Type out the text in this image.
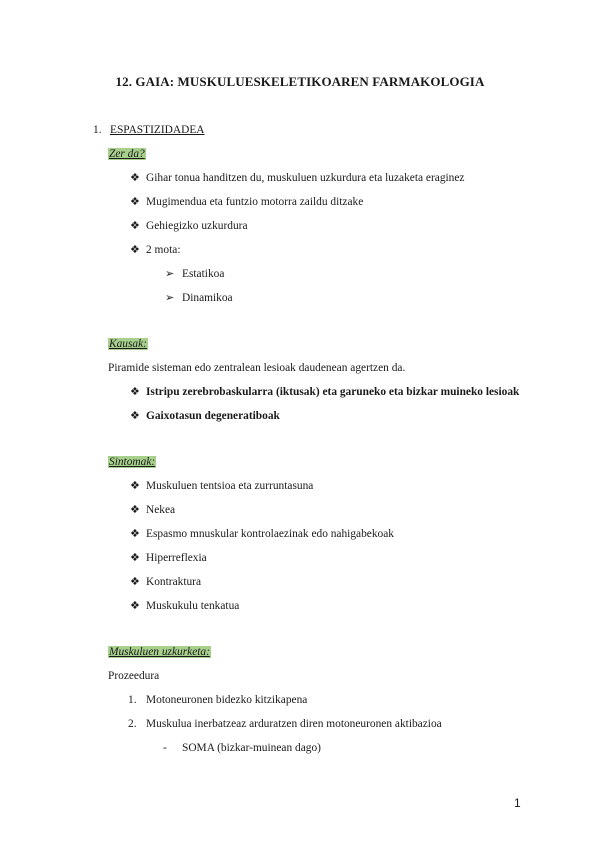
12. GAIA: MUSKULUESKELETIKOAREN FARMAKOLOGIA
1. ESPASTIZIDADEA
Zer da?
❖ Gihar tonua handitzen du, muskuluen uzkurdura eta luzaketa eraginez
❖ Mugimendua eta funtzio motorra zaildu ditzake
❖ Gehiegizko uzkurdura
❖ 2 mota:
➢ Estatikoa
➢ Dinamikoa
Kausak:
Piramide sisteman edo zentralean lesioak daudenean agertzen da.
❖ Istripu zerebrobaskularra (iktusak) eta garuneko eta bizkar muineko lesioak
❖ Gaixotasun degeneratiboak
Sintomak:
❖ Muskuluen tentsioa eta zurruntasuna
❖ Nekea
❖ Espasmo mnuskular kontrolaezinak edo nahigabekoak
❖ Hiperreflexia
❖ Kontraktura
❖ Muskukulu tenkatua
Muskuluen uzkurketa:
Prozeedura
1. Motoneuronen bidezko kitzikapena
2. Muskulua inerbatzeaz arduratzen diren motoneuronen aktibazioa
- SOMA (bizkar-muinean dago)
1
